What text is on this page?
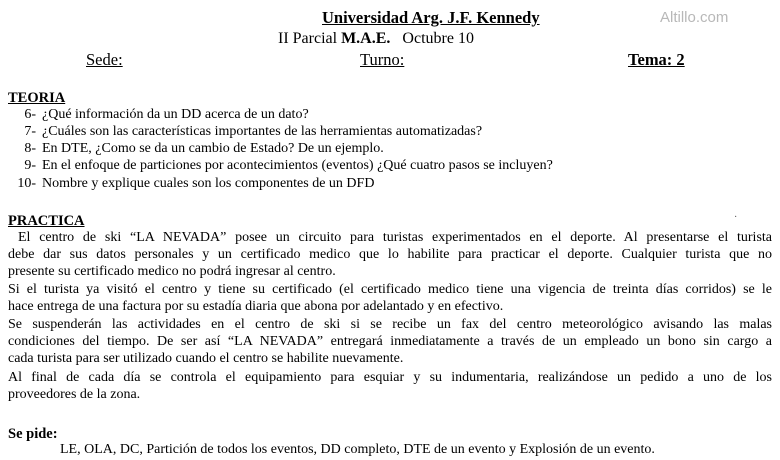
Universidad Arg. J.F. Kennedy	Altillo.com
II Parcial M.A.E. Octubre 10
Sede:	Turno:	Tema: 2
TEORIA
6- ¿Qué información da un DD acerca de un dato?
7- ¿Cuáles son las características importantes de las herramientas automatizadas?
8- En DTE, ¿Como se da un cambio de Estado? De un ejemplo.
9- En el enfoque de particiones por acontecimientos (eventos) ¿Qué cuatro pasos se incluyen?
10- Nombre y explique cuales son los componentes de un DFD
PRACTICA	·
El centro de ski “LA NEVADA” posee un circuito para turistas experimentados en el deporte. Al presentarse el turista
debe dar sus datos personales y un certificado medico que lo habilite para practicar el deporte. Cualquier turista que no
presente su certificado medico no podrá ingresar al centro.
Si el turista ya visitó el centro y tiene su certificado (el certificado medico tiene una vigencia de treinta días corridos) se le
hace entrega de una factura por su estadía diaria que abona por adelantado y en efectivo.
Se suspenderán las actividades en el centro de ski si se recibe un fax del centro meteorológico avisando las malas
condiciones del tiempo. De ser así “LA NEVADA” entregará inmediatamente a través de un empleado un bono sin cargo a
cada turista para ser utilizado cuando el centro se habilite nuevamente.
Al final de cada día se controla el equipamiento para esquiar y su indumentaria, realizándose un pedido a uno de los
proveedores de la zona.
Se pide:
LE, OLA, DC, Partición de todos los eventos, DD completo, DTE de un evento y Explosión de un evento.
